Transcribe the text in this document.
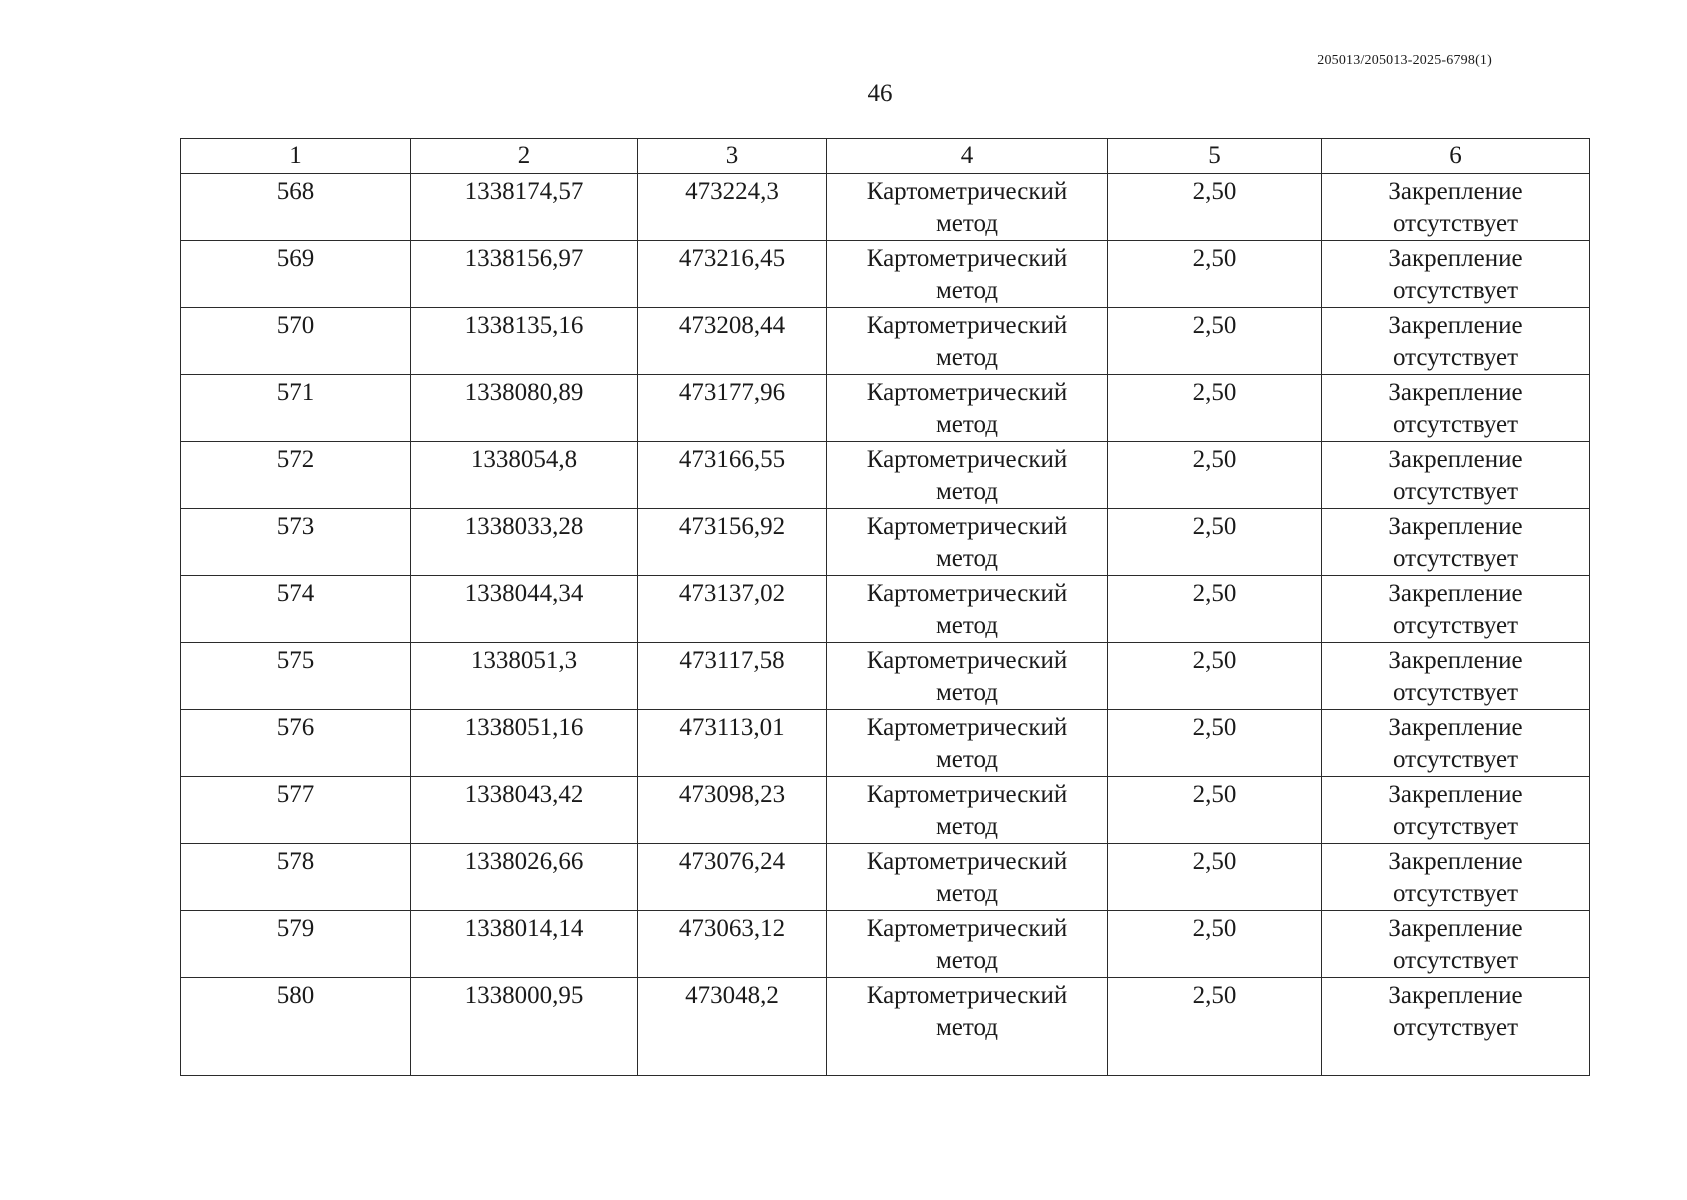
205013/205013-2025-6798(1)
46
1	2	3	4	5	6

568	1338174,57	473224,3	Картометрический метод	2,50	Закрепление отсутствует

569	1338156,97	473216,45	Картометрический метод	2,50	Закрепление отсутствует

570	1338135,16	473208,44	Картометрический метод	2,50	Закрепление отсутствует

571	1338080,89	473177,96	Картометрический метод	2,50	Закрепление отсутствует

572	1338054,8	473166,55	Картометрический метод	2,50	Закрепление отсутствует

573	1338033,28	473156,92	Картометрический метод	2,50	Закрепление отсутствует

574	1338044,34	473137,02	Картометрический метод	2,50	Закрепление отсутствует

575	1338051,3	473117,58	Картометрический метод	2,50	Закрепление отсутствует

576	1338051,16	473113,01	Картометрический метод	2,50	Закрепление отсутствует

577	1338043,42	473098,23	Картометрический метод	2,50	Закрепление отсутствует

578	1338026,66	473076,24	Картометрический метод	2,50	Закрепление отсутствует

579	1338014,14	473063,12	Картометрический метод	2,50	Закрепление отсутствует

580	1338000,95	473048,2	Картометрический метод	2,50	Закрепление отсутствует
